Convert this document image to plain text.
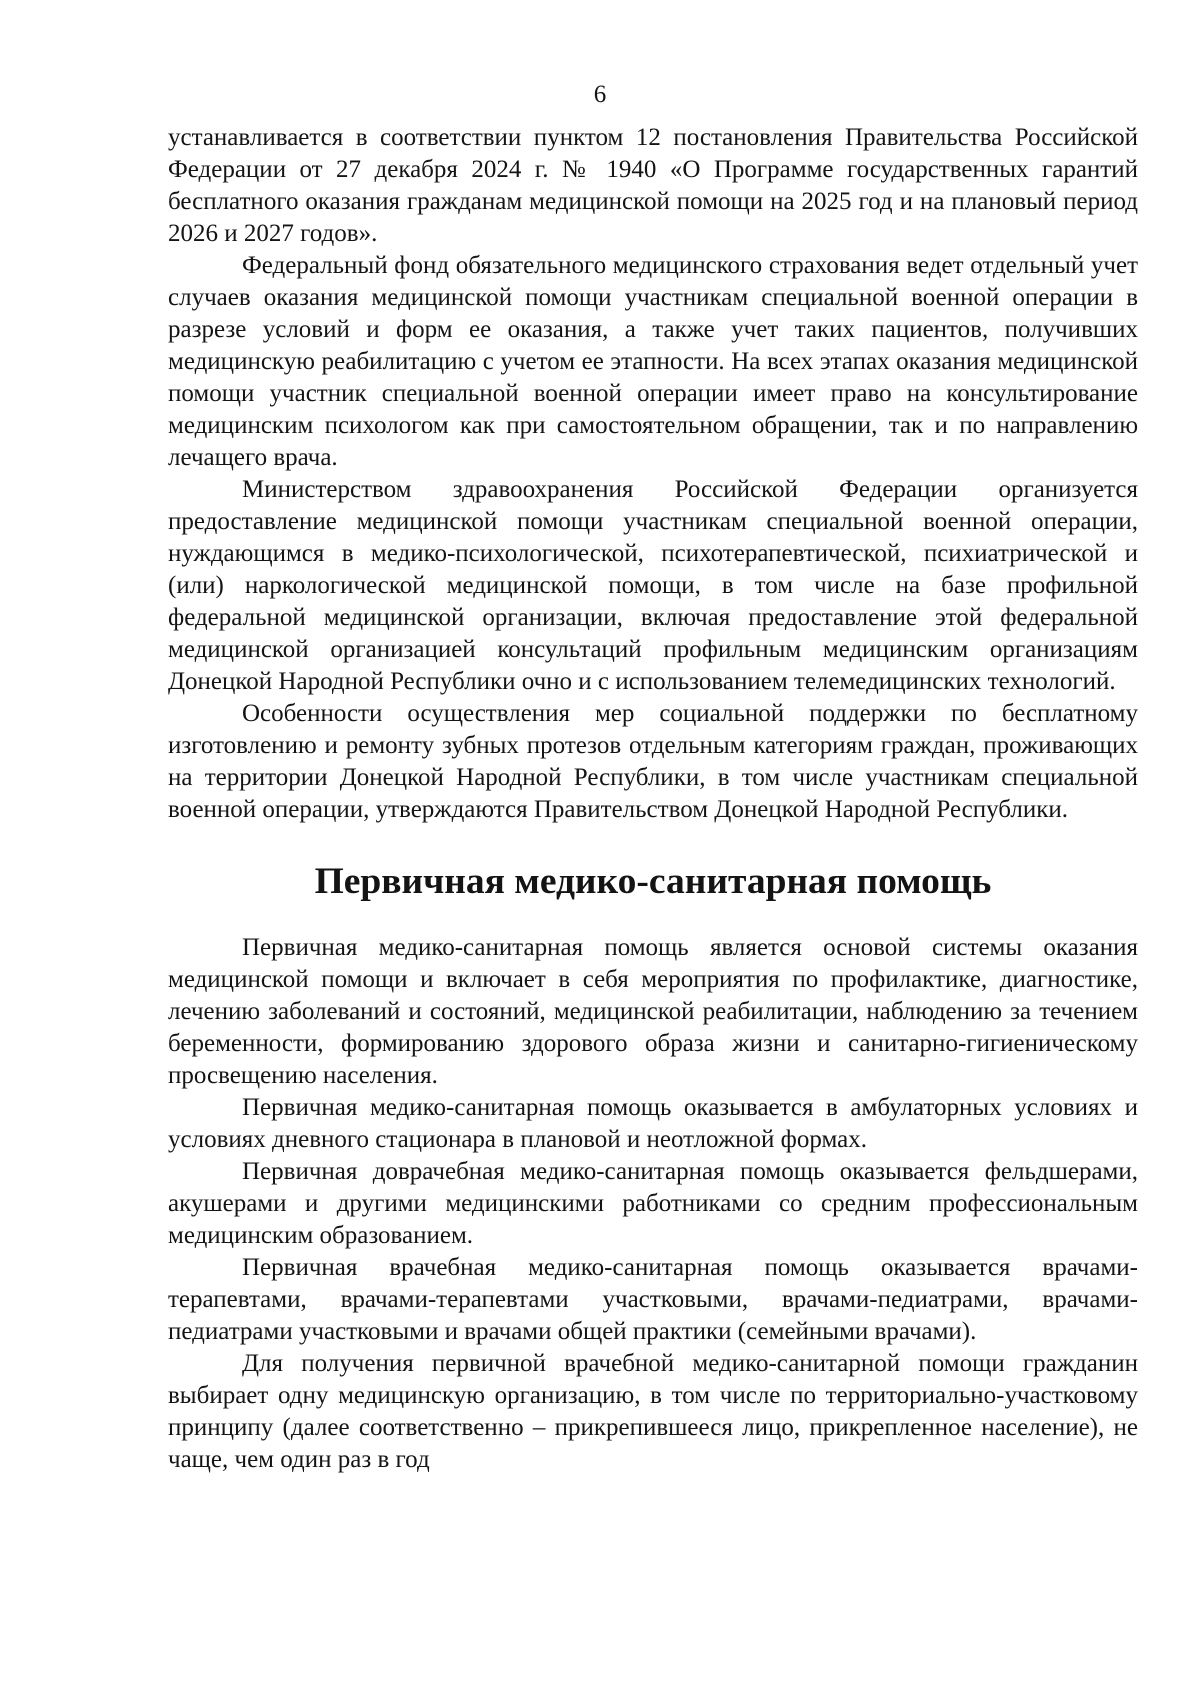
6

устанавливается в соответствии пунктом 12 постановления Правительства Российской Федерации от 27 декабря 2024 г. № 1940 «О Программе государственных гарантий бесплатного оказания гражданам медицинской помощи на 2025 год и на плановый период 2026 и 2027 годов».

Федеральный фонд обязательного медицинского страхования ведет отдельный учет случаев оказания медицинской помощи участникам специальной военной операции в разрезе условий и форм ее оказания, а также учет таких пациентов, получивших медицинскую реабилитацию с учетом ее этапности. На всех этапах оказания медицинской помощи участник специальной военной операции имеет право на консультирование медицинским психологом как при самостоятельном обращении, так и по направлению лечащего врача.

Министерством здравоохранения Российской Федерации организуется предоставление медицинской помощи участникам специальной военной операции, нуждающимся в медико-психологической, психотерапевтической, психиатрической и (или) наркологической медицинской помощи, в том числе на базе профильной федеральной медицинской организации, включая предоставление этой федеральной медицинской организацией консультаций профильным медицинским организациям Донецкой Народной Республики очно и с использованием телемедицинских технологий.

Особенности осуществления мер социальной поддержки по бесплатному изготовлению и ремонту зубных протезов отдельным категориям граждан, проживающих на территории Донецкой Народной Республики, в том числе участникам специальной военной операции, утверждаются Правительством Донецкой Народной Республики.

Первичная медико-санитарная помощь

Первичная медико-санитарная помощь является основой системы оказания медицинской помощи и включает в себя мероприятия по профилактике, диагностике, лечению заболеваний и состояний, медицинской реабилитации, наблюдению за течением беременности, формированию здорового образа жизни и санитарно-гигиеническому просвещению населения.

Первичная медико-санитарная помощь оказывается в амбулаторных условиях и условиях дневного стационара в плановой и неотложной формах.

Первичная доврачебная медико-санитарная помощь оказывается фельдшерами, акушерами и другими медицинскими работниками со средним профессиональным медицинским образованием.

Первичная врачебная медико-санитарная помощь оказывается врачами-терапевтами, врачами-терапевтами участковыми, врачами-педиатрами, врачами-педиатрами участковыми и врачами общей практики (семейными врачами).

Для получения первичной врачебной медико-санитарной помощи гражданин выбирает одну медицинскую организацию, в том числе по территориально-участковому принципу (далее соответственно – прикрепившееся лицо, прикрепленное население), не чаще, чем один раз в год
